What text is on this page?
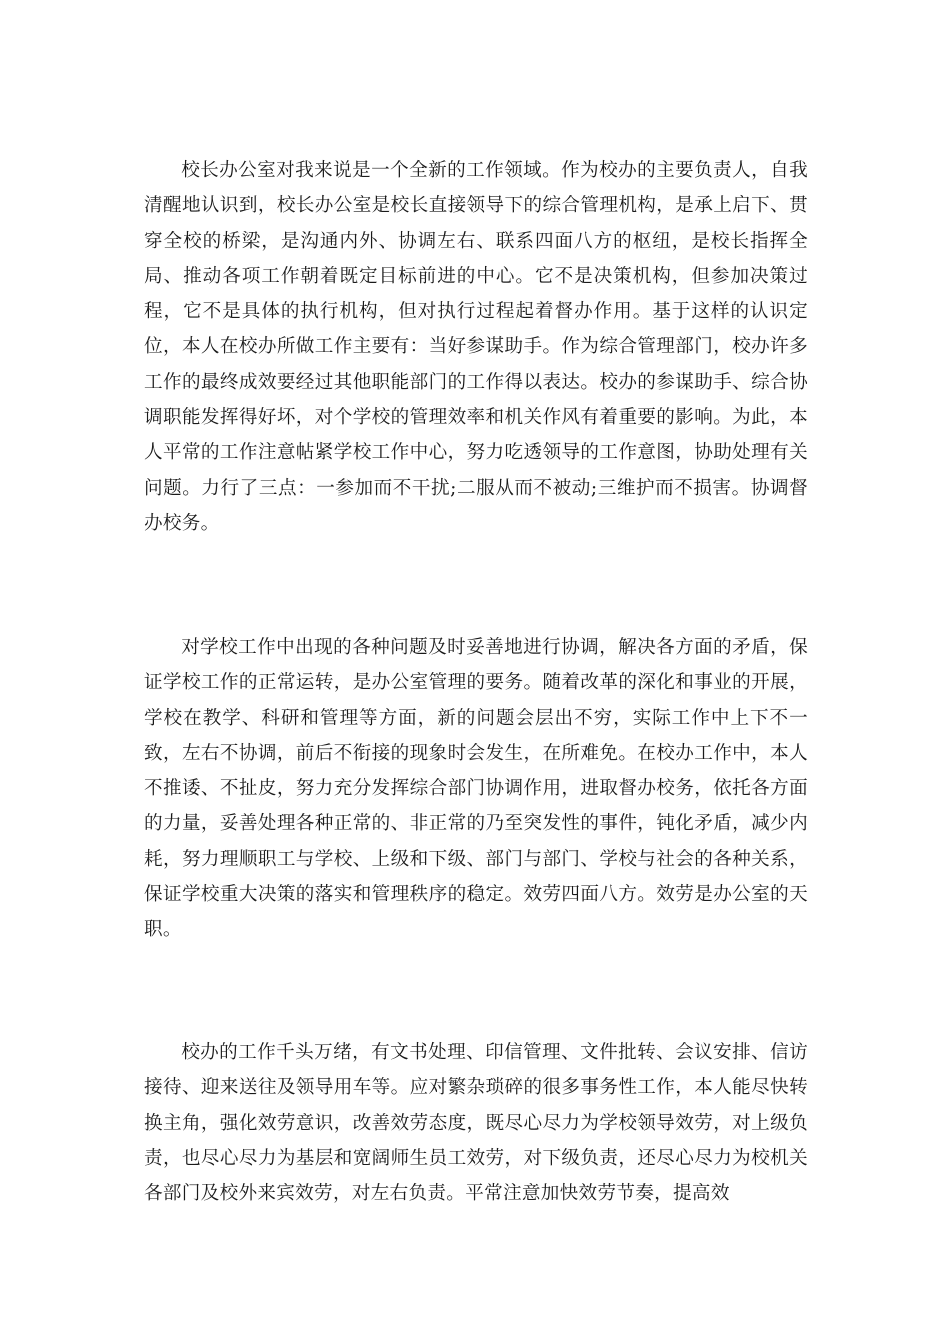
校长办公室对我来说是一个全新的工作领域。作为校办的主要负责人，自我清醒地认识到，校长办公室是校长直接领导下的综合管理机构，是承上启下、贯穿全校的桥梁，是沟通内外、协调左右、联系四面八方的枢纽，是校长指挥全局、推动各项工作朝着既定目标前进的中心。它不是决策机构，但参加决策过程，它不是具体的执行机构，但对执行过程起着督办作用。基于这样的认识定位，本人在校办所做工作主要有：当好参谋助手。作为综合管理部门，校办许多工作的最终成效要经过其他职能部门的工作得以表达。校办的参谋助手、综合协调职能发挥得好坏，对个学校的管理效率和机关作风有着重要的影响。为此，本人平常的工作注意帖紧学校工作中心，努力吃透领导的工作意图，协助处理有关问题。力行了三点：一参加而不干扰;二服从而不被动;三维护而不损害。协调督办校务。

对学校工作中出现的各种问题及时妥善地进行协调，解决各方面的矛盾，保证学校工作的正常运转，是办公室管理的要务。随着改革的深化和事业的开展，学校在教学、科研和管理等方面，新的问题会层出不穷，实际工作中上下不一致，左右不协调，前后不衔接的现象时会发生，在所难免。在校办工作中，本人不推诿、不扯皮，努力充分发挥综合部门协调作用，进取督办校务，依托各方面的力量，妥善处理各种正常的、非正常的乃至突发性的事件，钝化矛盾，减少内耗，努力理顺职工与学校、上级和下级、部门与部门、学校与社会的各种关系，保证学校重大决策的落实和管理秩序的稳定。效劳四面八方。效劳是办公室的天职。

校办的工作千头万绪，有文书处理、印信管理、文件批转、会议安排、信访接待、迎来送往及领导用车等。应对繁杂琐碎的很多事务性工作，本人能尽快转换主角，强化效劳意识，改善效劳态度，既尽心尽力为学校领导效劳，对上级负责，也尽心尽力为基层和宽阔师生员工效劳，对下级负责，还尽心尽力为校机关各部门及校外来宾效劳，对左右负责。平常注意加快效劳节奏，提高效
